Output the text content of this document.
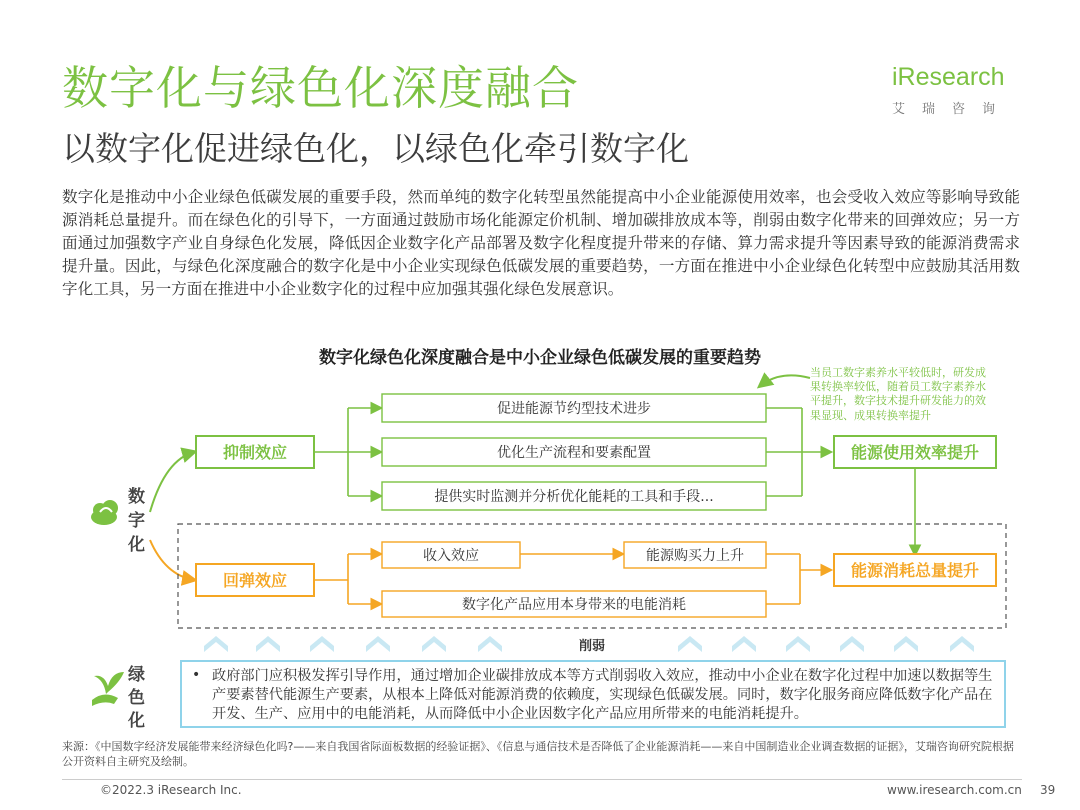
数字化与绿色化深度融合
以数字化促进绿色化，以绿色化牵引数字化
iResearch
艾瑞咨询
数字化是推动中小企业绿色低碳发展的重要手段，然而单纯的数字化转型虽然能提高中小企业能源使用效率，也会受收入效应等影响导致能源消耗总量提升。而在绿色化的引导下，一方面通过鼓励市场化能源定价机制、增加碳排放成本等，削弱由数字化带来的回弹效应；另一方面通过加强数字产业自身绿色化发展，降低因企业数字化产品部署及数字化程度提升带来的存储、算力需求提升等因素导致的能源消费需求提升量。因此，与绿色化深度融合的数字化是中小企业实现绿色低碳发展的重要趋势，一方面在推进中小企业绿色化转型中应鼓励其活用数字化工具，另一方面在推进中小企业数字化的过程中应加强其强化绿色发展意识。
数字化绿色化深度融合是中小企业绿色低碳发展的重要趋势
数
字
化
绿
色
化
抑制效应
促进能源节约型技术进步
优化生产流程和要素配置
提供实时监测并分析优化能耗的工具和手段...
能源使用效率提升
回弹效应
收入效应	能源购买力上升
数字化产品应用本身带来的电能消耗
能源消耗总量提升
削弱
当员工数字素养水平较低时，研发成果转换率较低，随着员工数字素养水平提升，数字技术提升研发能力的效果显现、成果转换率提升
• 政府部门应积极发挥引导作用，通过增加企业碳排放成本等方式削弱收入效应，推动中小企业在数字化过程中加速以数据等生产要素替代能源生产要素，从根本上降低对能源消费的依赖度，实现绿色低碳发展。同时，数字化服务商应降低数字化产品在开发、生产、应用中的电能消耗，从而降低中小企业因数字化产品应用所带来的电能消耗提升。
来源：《中国数字经济发展能带来经济绿色化吗?——来自我国省际面板数据的经验证据》、《信息与通信技术是否降低了企业能源消耗——来自中国制造业企业调查数据的证据》，艾瑞咨询研究院根据公开资料自主研究及绘制。
©2022.3 iResearch Inc.	www.iresearch.com.cn 39
